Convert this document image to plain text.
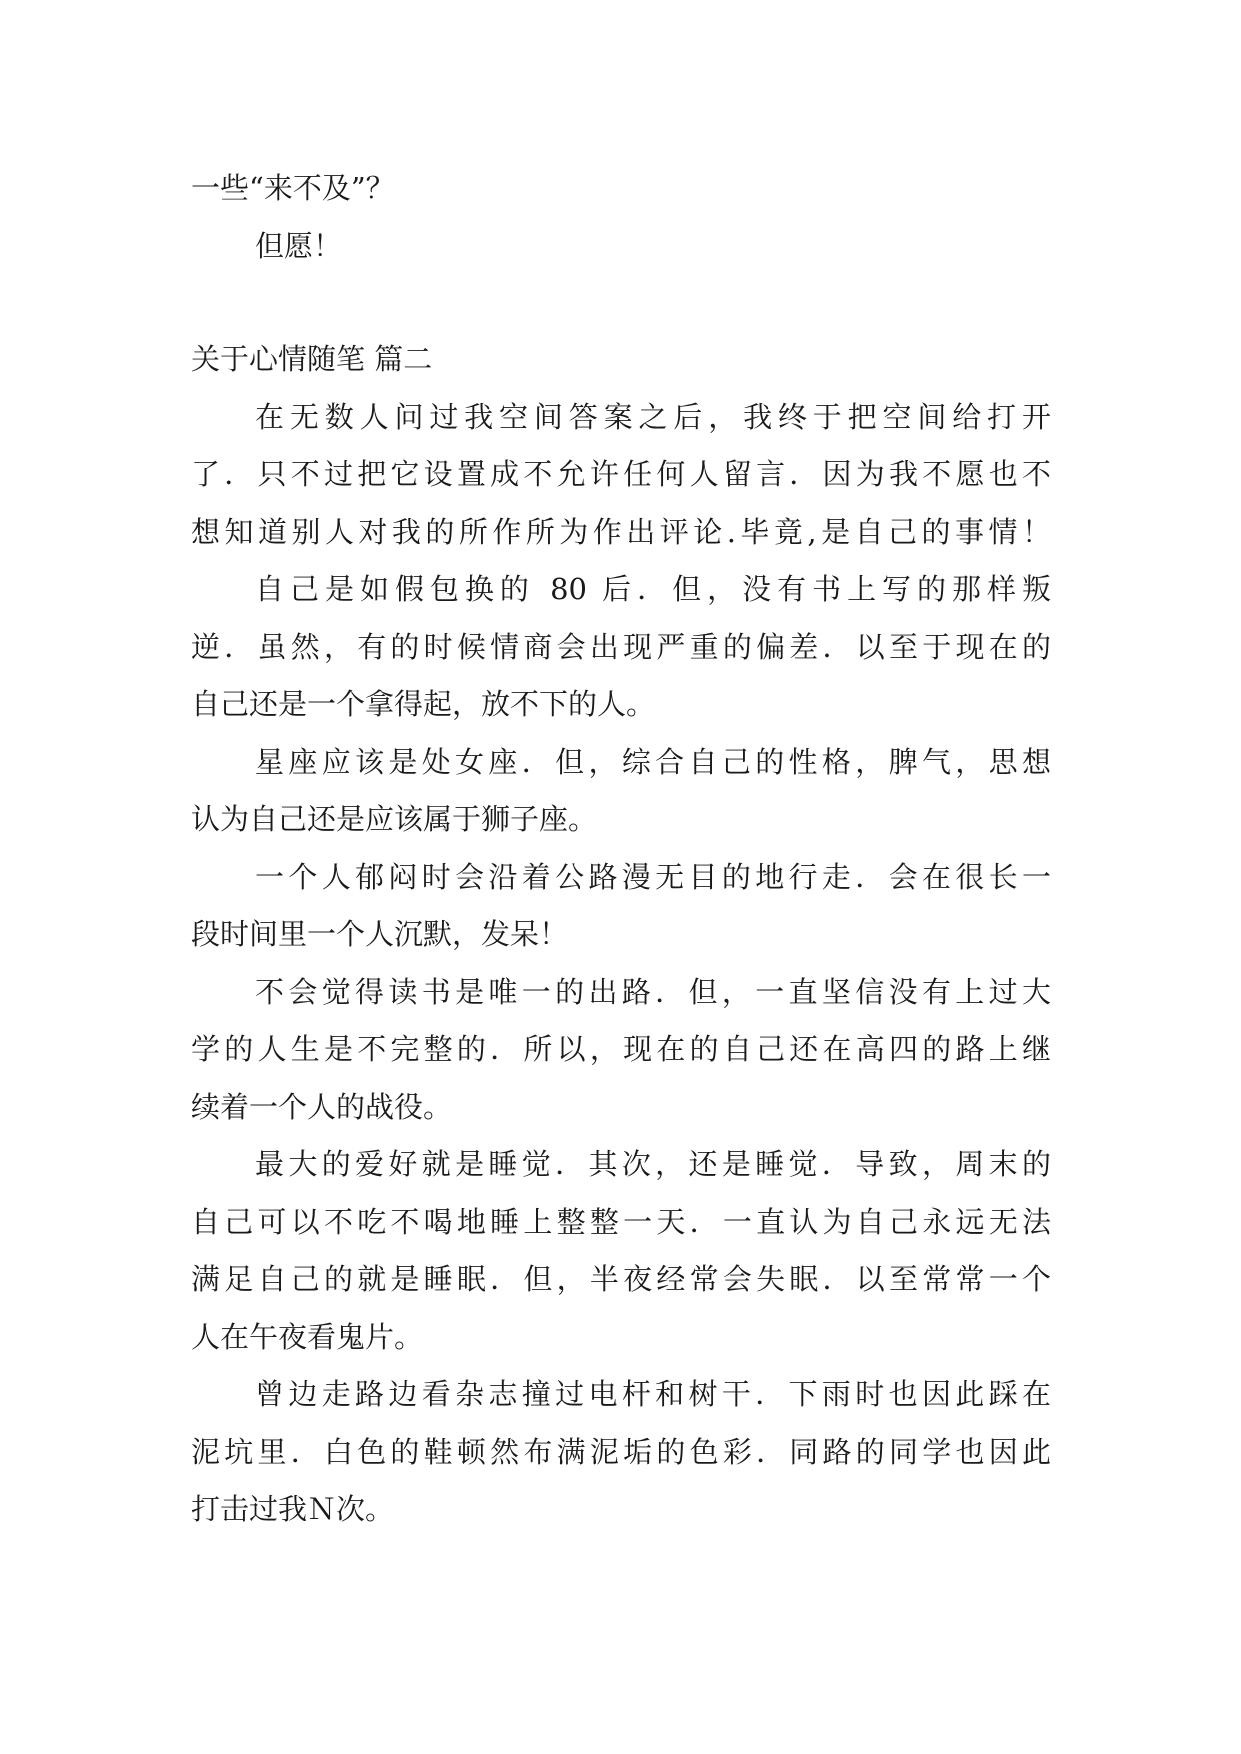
一些“来不及”？
但愿！
关于心情随笔 篇二
在无数人问过我空间答案之后，我终于把空间给打开
了．只不过把它设置成不允许任何人留言．因为我不愿也不
想知道别人对我的所作所为作出评论.毕竟,是自己的事情！
自己是如假包换的 80 后．但，没有书上写的那样叛
逆．虽然，有的时候情商会出现严重的偏差．以至于现在的
自己还是一个拿得起，放不下的人。
星座应该是处女座．但，综合自己的性格，脾气，思想
认为自己还是应该属于狮子座。
一个人郁闷时会沿着公路漫无目的地行走．会在很长一
段时间里一个人沉默，发呆！
不会觉得读书是唯一的出路．但，一直坚信没有上过大
学的人生是不完整的．所以，现在的自己还在高四的路上继
续着一个人的战役。
最大的爱好就是睡觉．其次，还是睡觉．导致，周末的
自己可以不吃不喝地睡上整整一天．一直认为自己永远无法
满足自己的就是睡眠．但，半夜经常会失眠．以至常常一个
人在午夜看鬼片。
曾边走路边看杂志撞过电杆和树干．下雨时也因此踩在
泥坑里．白色的鞋顿然布满泥垢的色彩．同路的同学也因此
打击过我Ｎ次。
